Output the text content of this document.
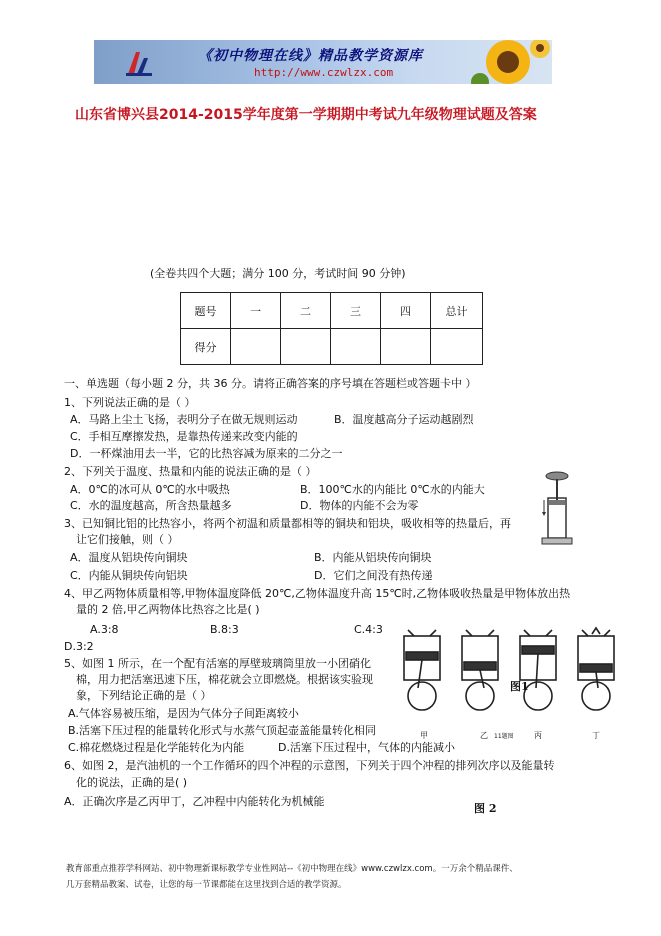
《初中物理在线》精品教学资源库
http://www.czwlzx.com
山东省博兴县2014-2015学年度第一学期期中考试九年级物理试题及答案
(全卷共四个大题；满分 100 分，考试时间 90 分钟)
题号	一	二	三	四	总计
得分					
一、单选题（每小题 2 分，共 36 分。请将正确答案的序号填在答题栏或答题卡中 ）
1、下列说法正确的是（ ）
A．马路上尘土飞扬，表明分子在做无规则运动	B．温度越高分子运动越剧烈
C．手相互摩擦发热，是靠热传递来改变内能的
D．一杯煤油用去一半，它的比热容减为原来的二分之一
2、下列关于温度、热量和内能的说法正确的是（ ）
A．0℃的冰可从 0℃的水中吸热	B．100℃水的内能比 0℃水的内能大
C．水的温度越高，所含热量越多	D．物体的内能不会为零
3、已知铜比铝的比热容小，将两个初温和质量都相等的铜块和铝块，吸收相等的热量后，再
让它们接触，则（ ）
A．温度从铝块传向铜块	B．内能从铝块传向铜块
C．内能从铜块传向铝块	D．它们之间没有热传递
4、甲乙两物体质量相等,甲物体温度降低 20℃,乙物体温度升高 15℃时,乙物体吸收热量是甲物体放出热
量的 2 倍,甲乙两物体比热容之比是( )
A.3:8	B.8:3	C.4:3
D.3:2
图1
甲	乙 11题图	丙	丁
5、如图 1 所示，在一个配有活塞的厚壁玻璃筒里放一小团硝化
棉，用力把活塞迅速下压，棉花就会立即燃烧。根据该实验现
象，下列结论正确的是（ ）
A.气体容易被压缩，是因为气体分子间距离较小
B.活塞下压过程的能量转化形式与水蒸气顶起壶盖能量转化相同
C.棉花燃烧过程是化学能转化为内能	D.活塞下压过程中，气体的内能减小
6、如图 2，是汽油机的一个工作循环的四个冲程的示意图，下列关于四个冲程的排列次序以及能量转
化的说法，正确的是( )
A．正确次序是乙丙甲丁，乙冲程中内能转化为机械能
图 2
教育部重点推荐学科网站、初中物理新课标教学专业性网站--《初中物理在线》www.czwlzx.com。一万余个精品课件、
几万套精品教案、试卷，让您的每一节课都能在这里找到合适的教学资源。
